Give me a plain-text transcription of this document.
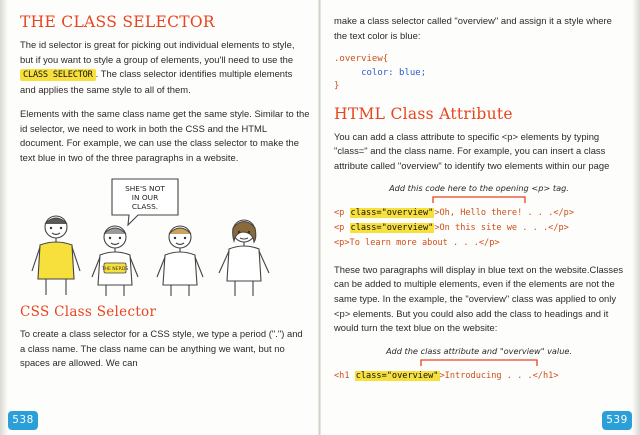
THE CLASS SELECTOR

The id selector is great for picking out individual elements to style, but if you want to style a group of elements, you'll need to use the CLASS SELECTOR . The class selector identifies multiple elements and applies the same style to all of them.

Elements with the same class name get the same style. Similar to the id selector, we need to work in both the CSS and the HTML document. For example, we can use the class selector to make the text blue in two of the three paragraphs in a website.

SHE'S NOT
IN OUR
CLASS.
THE NERDS
CSS Class Selector

To create a class selector for a CSS style, we type a period (".") and a class name. The class name can be anything we want, but no spaces are allowed. We can

make a class selector called "overview" and assign it a style where the text color is blue:

.overview{
color: blue;
}
HTML Class Attribute

You can add a class attribute to specific <p> elements by typing "class=" and the class name. For example, you can insert a class attribute called "overview" to identify two elements within our page

Add this code here to the opening <p> tag.
<p class="overview">Oh, Hello there! . . .</p>
<p class="overview">On this site we . . .</p>
<p>To learn more about . . .</p>

These two paragraphs will display in blue text on the website.Classes can be added to multiple elements, even if the elements are not the same type. In the example, the "overview" class was applied to only <p> elements. But you could also add the class to headings and it would turn the text blue on the website:

Add the class attribute and "overview" value.
<h1 class="overview">Introducing . . .</h1>
538	539
